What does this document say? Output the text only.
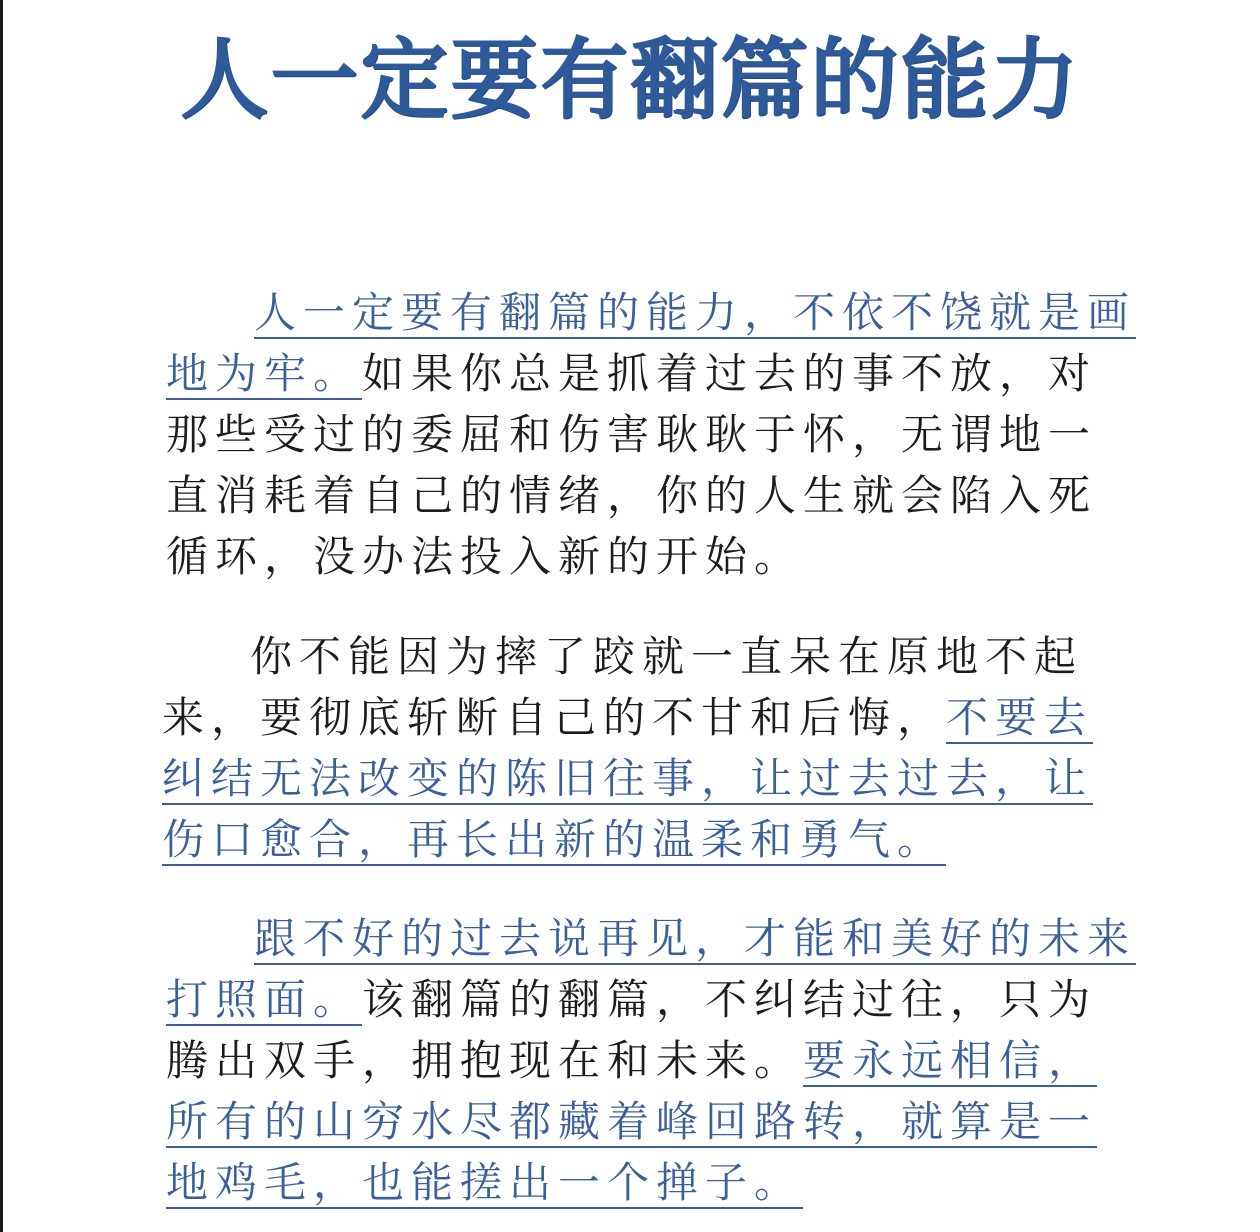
人一定要有翻篇的能力

人一定要有翻篇的能力，不依不饶就是画地为牢。如果你总是抓着过去的事不放，对那些受过的委屈和伤害耿耿于怀，无谓地一直消耗着自己的情绪，你的人生就会陷入死循环，没办法投入新的开始。

你不能因为摔了跤就一直呆在原地不起来，要彻底斩断自己的不甘和后悔，不要去纠结无法改变的陈旧往事，让过去过去，让伤口愈合，再长出新的温柔和勇气。

跟不好的过去说再见，才能和美好的未来打照面。该翻篇的翻篇，不纠结过往，只为腾出双手，拥抱现在和未来。要永远相信，所有的山穷水尽都藏着峰回路转，就算是一地鸡毛，也能搓出一个掸子。
